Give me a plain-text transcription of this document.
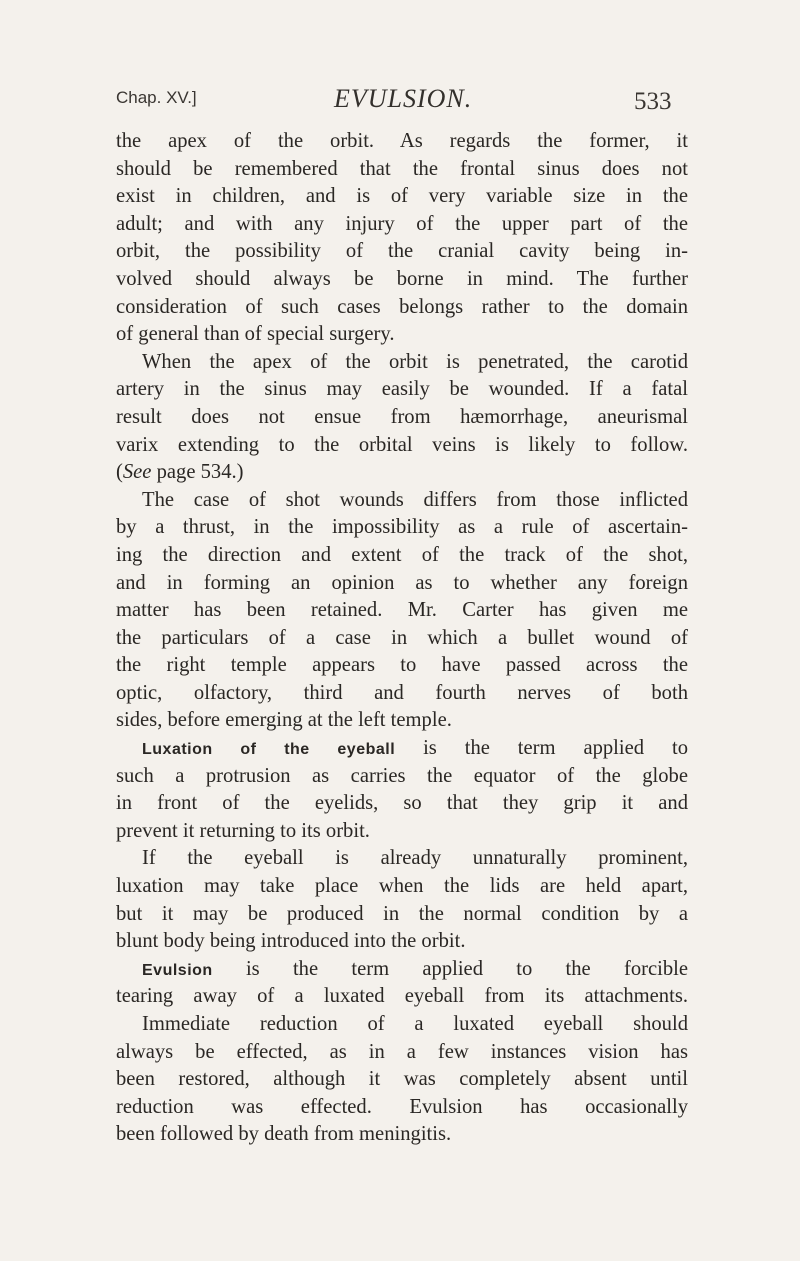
Chap. XV.]	EVULSION.	533
the apex of the orbit. As regards the former, it
should be remembered that the frontal sinus does not
exist in children, and is of very variable size in the
adult; and with any injury of the upper part of the
orbit, the possibility of the cranial cavity being in-
volved should always be borne in mind. The further
consideration of such cases belongs rather to the domain
of general than of special surgery.
When the apex of the orbit is penetrated, the carotid
artery in the sinus may easily be wounded. If a fatal
result does not ensue from hæmorrhage, aneurismal
varix extending to the orbital veins is likely to follow.
(See page 534.)
The case of shot wounds differs from those inflicted
by a thrust, in the impossibility as a rule of ascertain-
ing the direction and extent of the track of the shot,
and in forming an opinion as to whether any foreign
matter has been retained. Mr. Carter has given me
the particulars of a case in which a bullet wound of
the right temple appears to have passed across the
optic, olfactory, third and fourth nerves of both
sides, before emerging at the left temple.
Luxation of the eyeball is the term applied to
such a protrusion as carries the equator of the globe
in front of the eyelids, so that they grip it and
prevent it returning to its orbit.
If the eyeball is already unnaturally prominent,
luxation may take place when the lids are held apart,
but it may be produced in the normal condition by a
blunt body being introduced into the orbit.
Evulsion is the term applied to the forcible
tearing away of a luxated eyeball from its attachments.
Immediate reduction of a luxated eyeball should
always be effected, as in a few instances vision has
been restored, although it was completely absent until
reduction was effected. Evulsion has occasionally
been followed by death from meningitis.
